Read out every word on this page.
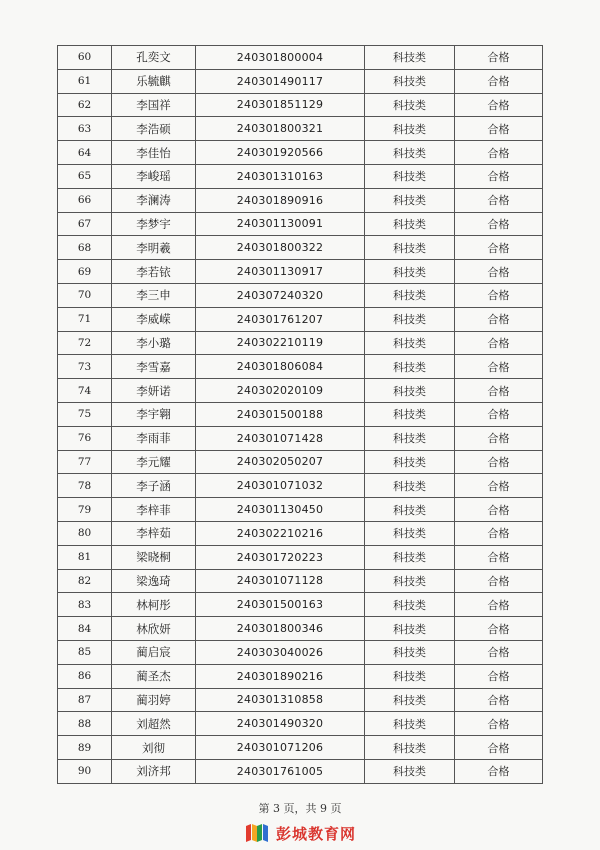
60	孔奕文	240301800004	科技类	合格
61	乐毓麒	240301490117	科技类	合格
62	李国祥	240301851129	科技类	合格
63	李浩硕	240301800321	科技类	合格
64	李佳怡	240301920566	科技类	合格
65	李峻瑶	240301310163	科技类	合格
66	李澜涛	240301890916	科技类	合格
67	李梦宇	240301130091	科技类	合格
68	李明羲	240301800322	科技类	合格
69	李若铱	240301130917	科技类	合格
70	李三申	240307240320	科技类	合格
71	李威嵘	240301761207	科技类	合格
72	李小璐	240302210119	科技类	合格
73	李雪嘉	240301806084	科技类	合格
74	李妍诺	240302020109	科技类	合格
75	李宇翱	240301500188	科技类	合格
76	李雨菲	240301071428	科技类	合格
77	李元耀	240302050207	科技类	合格
78	李子涵	240301071032	科技类	合格
79	李梓菲	240301130450	科技类	合格
80	李梓茹	240302210216	科技类	合格
81	梁晓桐	240301720223	科技类	合格
82	梁逸琦	240301071128	科技类	合格
83	林柯彤	240301500163	科技类	合格
84	林欣妍	240301800346	科技类	合格
85	蔺启宸	240303040026	科技类	合格
86	蔺圣杰	240301890216	科技类	合格
87	蔺羽婷	240301310858	科技类	合格
88	刘超然	240301490320	科技类	合格
89	刘彻	240301071206	科技类	合格
90	刘济邦	240301761005	科技类	合格
第 3 页，共 9 页
彭城教育网
